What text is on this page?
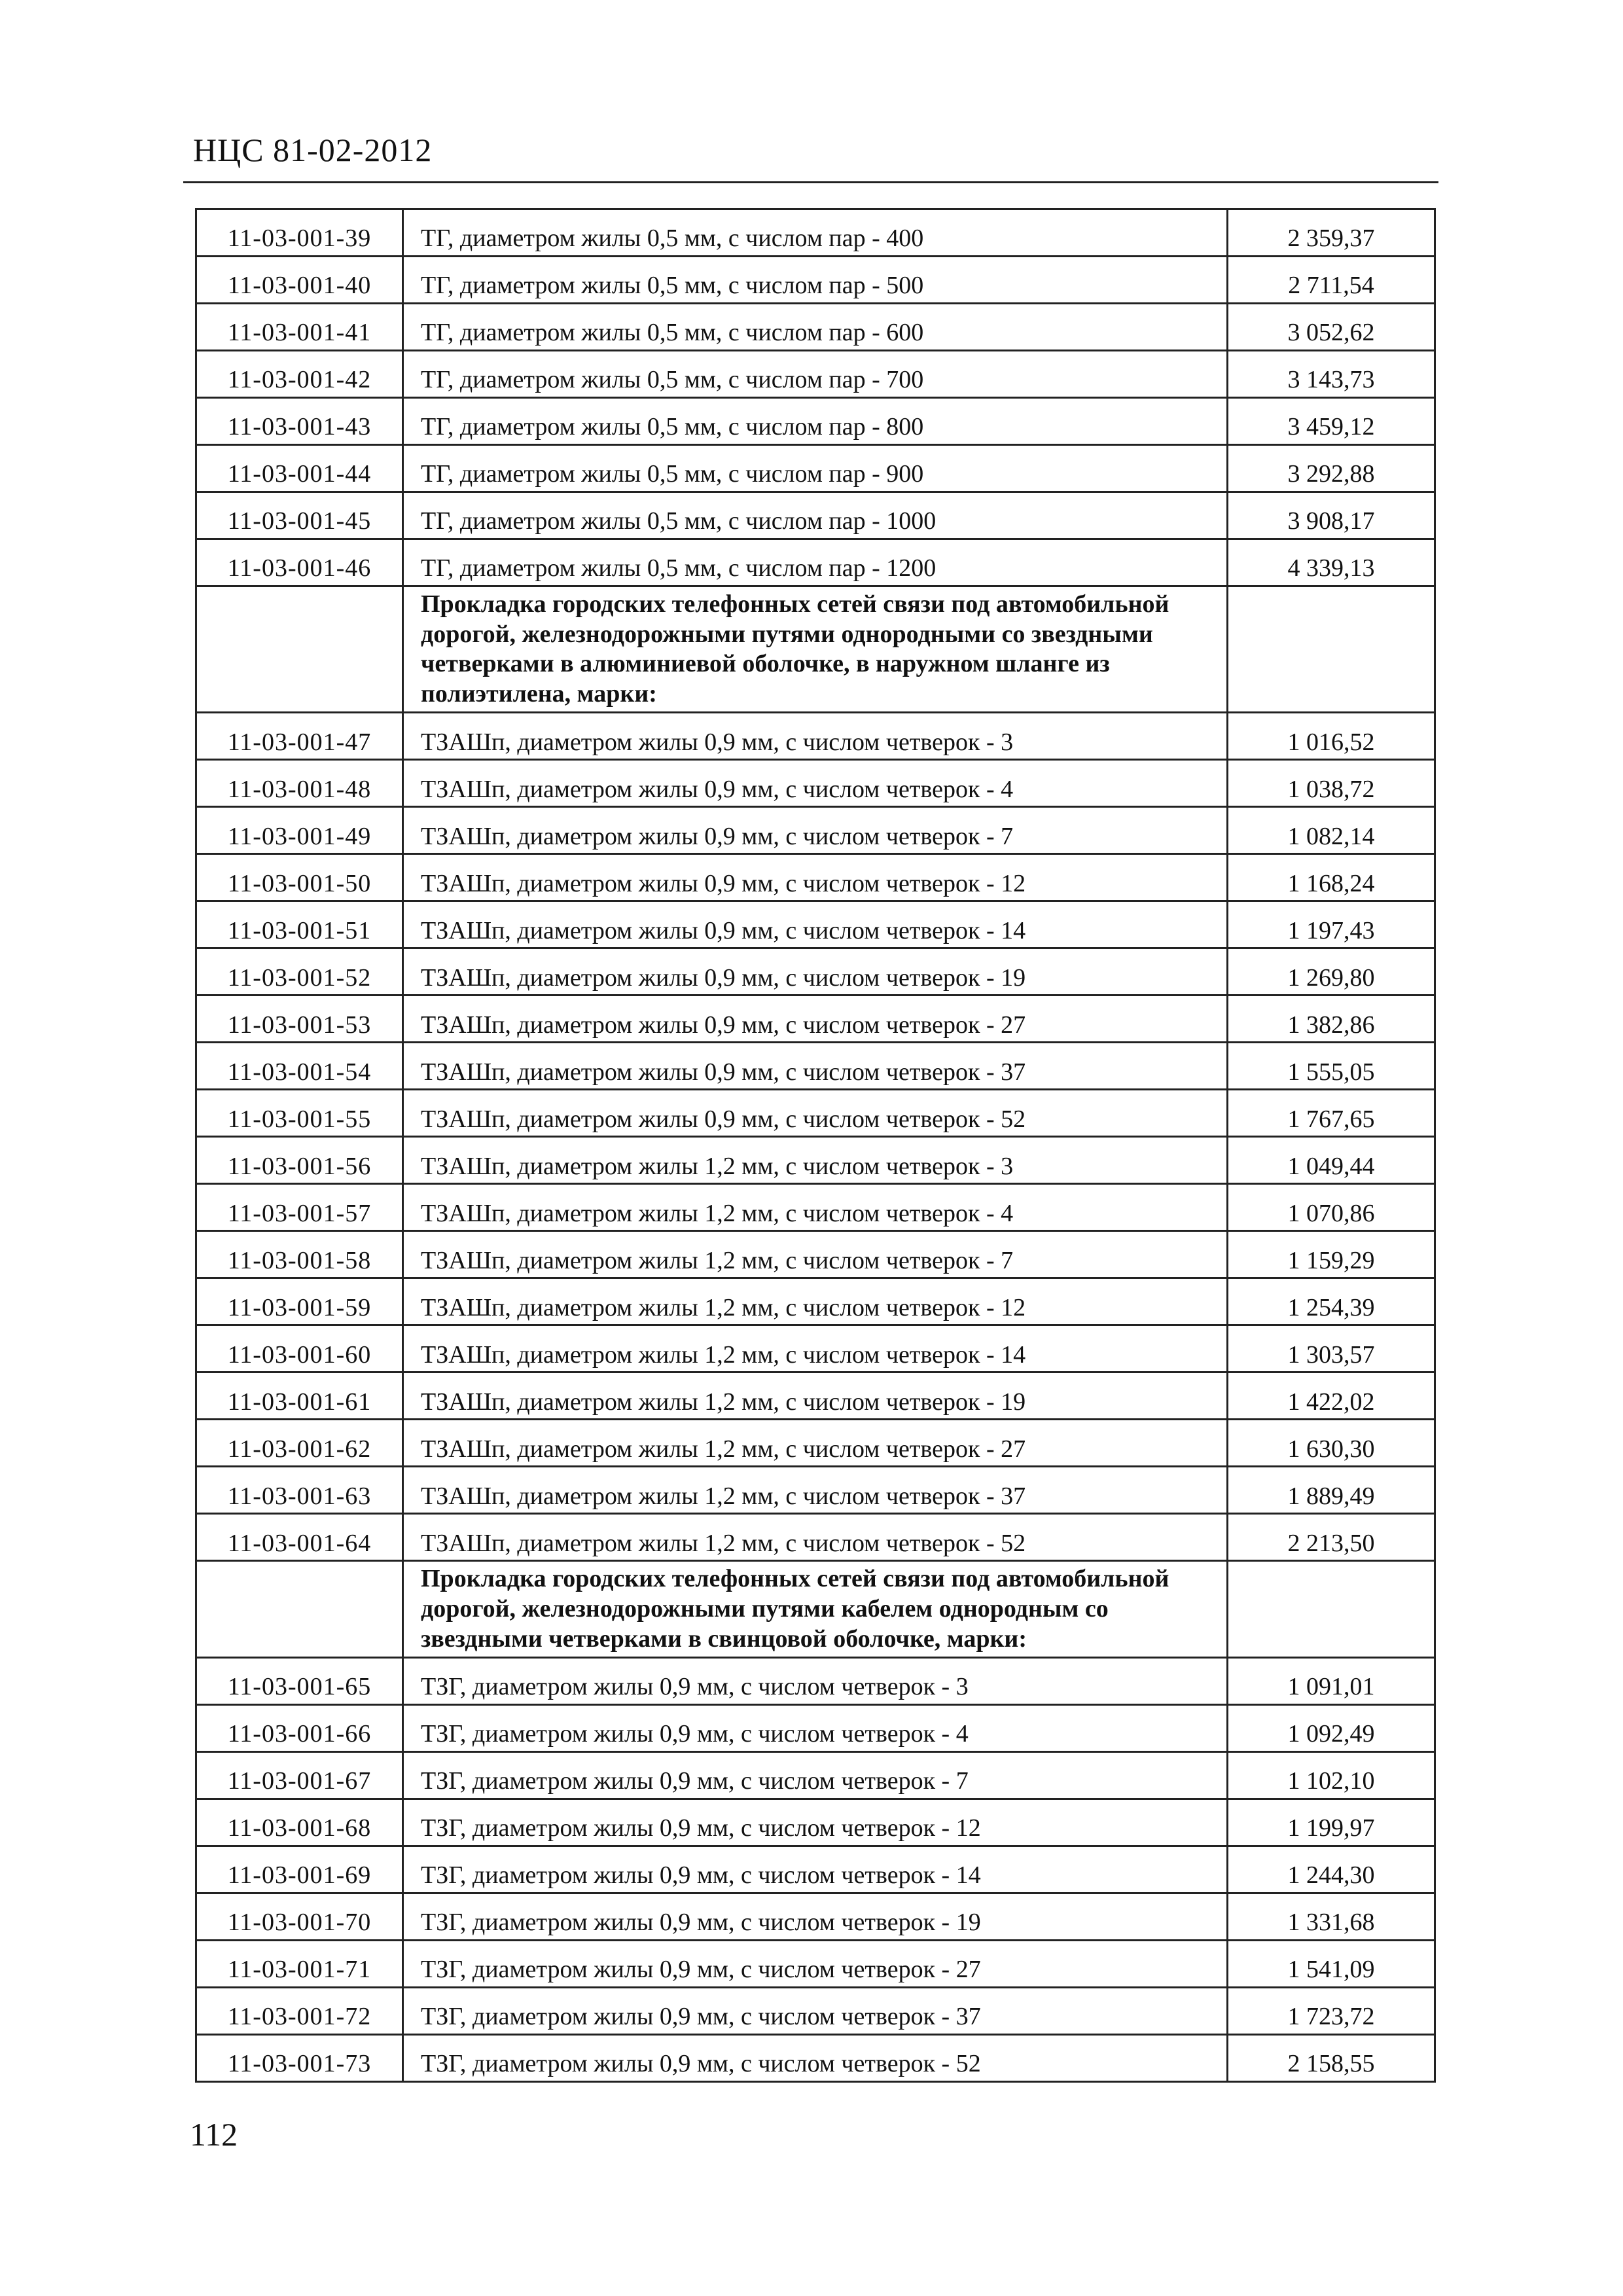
НЦС 81-02-2012
11-03-001-39	ТГ, диаметром жилы 0,5 мм, с числом пар - 400	2 359,37
11-03-001-40	ТГ, диаметром жилы 0,5 мм, с числом пар - 500	2 711,54
11-03-001-41	ТГ, диаметром жилы 0,5 мм, с числом пар - 600	3 052,62
11-03-001-42	ТГ, диаметром жилы 0,5 мм, с числом пар - 700	3 143,73
11-03-001-43	ТГ, диаметром жилы 0,5 мм, с числом пар - 800	3 459,12
11-03-001-44	ТГ, диаметром жилы 0,5 мм, с числом пар - 900	3 292,88
11-03-001-45	ТГ, диаметром жилы 0,5 мм, с числом пар - 1000	3 908,17
11-03-001-46	ТГ, диаметром жилы 0,5 мм, с числом пар - 1200	4 339,13
	Прокладка городских телефонных сетей связи под автомобильной дорогой, железнодорожными путями однородными со звездными четверками в алюминиевой оболочке, в наружном шланге из полиэтилена, марки:	
11-03-001-47	ТЗАШп, диаметром жилы 0,9 мм, с числом четверок - 3	1 016,52
11-03-001-48	ТЗАШп, диаметром жилы 0,9 мм, с числом четверок - 4	1 038,72
11-03-001-49	ТЗАШп, диаметром жилы 0,9 мм, с числом четверок - 7	1 082,14
11-03-001-50	ТЗАШп, диаметром жилы 0,9 мм, с числом четверок - 12	1 168,24
11-03-001-51	ТЗАШп, диаметром жилы 0,9 мм, с числом четверок - 14	1 197,43
11-03-001-52	ТЗАШп, диаметром жилы 0,9 мм, с числом четверок - 19	1 269,80
11-03-001-53	ТЗАШп, диаметром жилы 0,9 мм, с числом четверок - 27	1 382,86
11-03-001-54	ТЗАШп, диаметром жилы 0,9 мм, с числом четверок - 37	1 555,05
11-03-001-55	ТЗАШп, диаметром жилы 0,9 мм, с числом четверок - 52	1 767,65
11-03-001-56	ТЗАШп, диаметром жилы 1,2 мм, с числом четверок - 3	1 049,44
11-03-001-57	ТЗАШп, диаметром жилы 1,2 мм, с числом четверок - 4	1 070,86
11-03-001-58	ТЗАШп, диаметром жилы 1,2 мм, с числом четверок - 7	1 159,29
11-03-001-59	ТЗАШп, диаметром жилы 1,2 мм, с числом четверок - 12	1 254,39
11-03-001-60	ТЗАШп, диаметром жилы 1,2 мм, с числом четверок - 14	1 303,57
11-03-001-61	ТЗАШп, диаметром жилы 1,2 мм, с числом четверок - 19	1 422,02
11-03-001-62	ТЗАШп, диаметром жилы 1,2 мм, с числом четверок - 27	1 630,30
11-03-001-63	ТЗАШп, диаметром жилы 1,2 мм, с числом четверок - 37	1 889,49
11-03-001-64	ТЗАШп, диаметром жилы 1,2 мм, с числом четверок - 52	2 213,50
	Прокладка городских телефонных сетей связи под автомобильной дорогой, железнодорожными путями кабелем однородным со звездными четверками в свинцовой оболочке, марки:	
11-03-001-65	ТЗГ, диаметром жилы 0,9 мм, с числом четверок - 3	1 091,01
11-03-001-66	ТЗГ, диаметром жилы 0,9 мм, с числом четверок - 4	1 092,49
11-03-001-67	ТЗГ, диаметром жилы 0,9 мм, с числом четверок - 7	1 102,10
11-03-001-68	ТЗГ, диаметром жилы 0,9 мм, с числом четверок - 12	1 199,97
11-03-001-69	ТЗГ, диаметром жилы 0,9 мм, с числом четверок - 14	1 244,30
11-03-001-70	ТЗГ, диаметром жилы 0,9 мм, с числом четверок - 19	1 331,68
11-03-001-71	ТЗГ, диаметром жилы 0,9 мм, с числом четверок - 27	1 541,09
11-03-001-72	ТЗГ, диаметром жилы 0,9 мм, с числом четверок - 37	1 723,72
11-03-001-73	ТЗГ, диаметром жилы 0,9 мм, с числом четверок - 52	2 158,55
112
